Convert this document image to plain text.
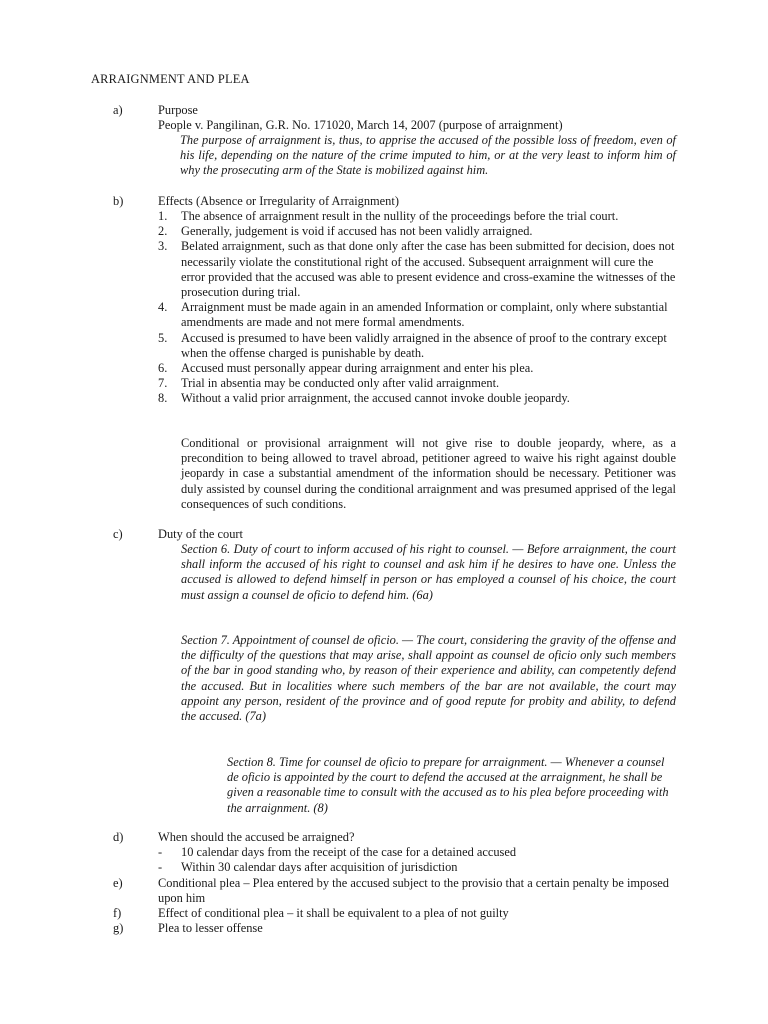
ARRAIGNMENT AND PLEA
a)	Purpose
People v. Pangilinan, G.R. No. 171020, March 14, 2007 (purpose of arraignment)
The purpose of arraignment is, thus, to apprise the accused of the possible loss of freedom, even of his life, depending on the nature of the crime imputed to him, or at the very least to inform him of why the prosecuting arm of the State is mobilized against him.
b)	Effects (Absence or Irregularity of Arraignment)
1. The absence of arraignment result in the nullity of the proceedings before the trial court.
2. Generally, judgement is void if accused has not been validly arraigned.
3. Belated arraignment, such as that done only after the case has been submitted for decision, does not necessarily violate the constitutional right of the accused. Subsequent arraignment will cure the error provided that the accused was able to present evidence and cross-examine the witnesses of the prosecution during trial.
4. Arraignment must be made again in an amended Information or complaint, only where substantial amendments are made and not mere formal amendments.
5. Accused is presumed to have been validly arraigned in the absence of proof to the contrary except when the offense charged is punishable by death.
6. Accused must personally appear during arraignment and enter his plea.
7. Trial in absentia may be conducted only after valid arraignment.
8. Without a valid prior arraignment, the accused cannot invoke double jeopardy.
Conditional or provisional arraignment will not give rise to double jeopardy, where, as a precondition to being allowed to travel abroad, petitioner agreed to waive his right against double jeopardy in case a substantial amendment of the information should be necessary. Petitioner was duly assisted by counsel during the conditional arraignment and was presumed apprised of the legal consequences of such conditions.
c)	Duty of the court
Section 6. Duty of court to inform accused of his right to counsel. — Before arraignment, the court shall inform the accused of his right to counsel and ask him if he desires to have one. Unless the accused is allowed to defend himself in person or has employed a counsel of his choice, the court must assign a counsel de oficio to defend him. (6a)
Section 7. Appointment of counsel de oficio. — The court, considering the gravity of the offense and the difficulty of the questions that may arise, shall appoint as counsel de oficio only such members of the bar in good standing who, by reason of their experience and ability, can competently defend the accused. But in localities where such members of the bar are not available, the court may appoint any person, resident of the province and of good repute for probity and ability, to defend the accused. (7a)
Section 8. Time for counsel de oficio to prepare for arraignment. — Whenever a counsel de oficio is appointed by the court to defend the accused at the arraignment, he shall be given a reasonable time to consult with the accused as to his plea before proceeding with the arraignment. (8)
d)	When should the accused be arraigned?
- 10 calendar days from the receipt of the case for a detained accused
- Within 30 calendar days after acquisition of jurisdiction
e)	Conditional plea – Plea entered by the accused subject to the provisio that a certain penalty be imposed upon him
f)	Effect of conditional plea – it shall be equivalent to a plea of not guilty
g)	Plea to lesser offense
